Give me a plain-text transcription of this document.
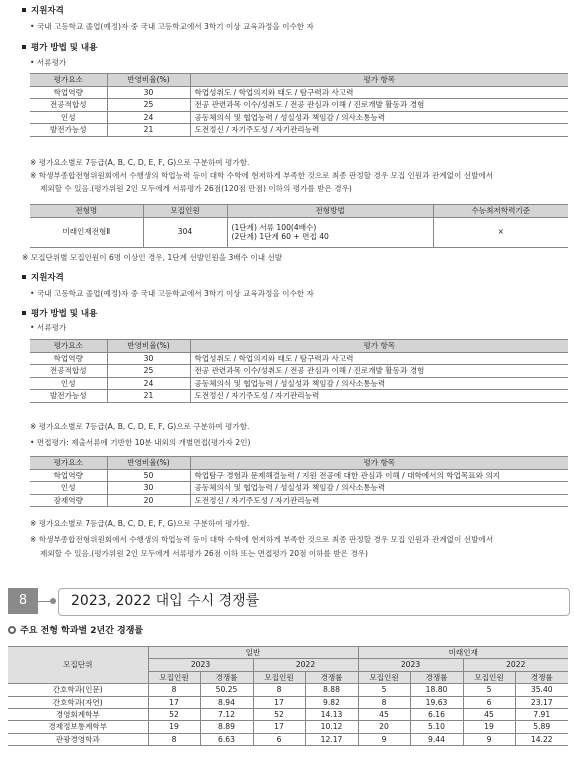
지원자격
• 국내 고등학교 졸업(예정)자 중 국내 고등학교에서 3학기 이상 교육과정을 이수한 자
평가 방법 및 내용
• 서류평가
평가요소	반영비율(%)	평가 항목
학업역량	30	학업성취도 / 학업의지와 태도 / 탐구력과 사고력
전공적합성	25	전공 관련과목 이수/성취도 / 전공 관심과 이해 / 진로개발 활동과 경험
인성	24	공동체의식 및 협업능력 / 성실성과 책임감 / 의사소통능력
발전가능성	21	도전정신 / 자기주도성 / 자기관리능력
※ 평가요소별로 7등급(A, B, C, D, E, F, G)으로 구분하여 평가함.
※ 학생부종합전형위원회에서 수행생의 학업능력 등이 대학 수학에 현저하게 부족한 것으로 최종 판정할 경우 모집 인원과 관계없이 선발에서
제외할 수 있음.(평가위원 2인 모두에게 서류평가 26점(120점 만점) 이하의 평가를 받은 경우)
전형명	모집인원	전형방법	수능최저학력기준
미래인재전형Ⅱ	304	(1단계) 서류 100(4배수)
(2단계) 1단계 60 + 면접 40	×
※ 모집단위별 모집인원이 6명 이상인 경우, 1단계 선발인원을 3배수 이내 선발
지원자격
• 국내 고등학교 졸업(예정)자 중 국내 고등학교에서 3학기 이상 교육과정을 이수한 자
평가 방법 및 내용
• 서류평가
평가요소	반영비율(%)	평가 항목
학업역량	30	학업성취도 / 학업의지와 태도 / 탐구력과 사고력
전공적합성	25	전공 관련과목 이수/성취도 / 전공 관심과 이해 / 진로개발 활동과 경험
인성	24	공동체의식 및 협업능력 / 성실성과 책임감 / 의사소통능력
발전가능성	21	도전정신 / 자기주도성 / 자기관리능력
※ 평가요소별로 7등급(A, B, C, D, E, F, G)으로 구분하여 평가함.
• 면접평가: 제출서류에 기반한 10분 내외의 개별면접(평가자 2인)
평가요소	반영비율(%)	평가 항목
학업역량	50	학업탐구 경험과 문제해결능력 / 지원 전공에 대한 관심과 이해 / 대학에서의 학업목표와 의지
인성	30	공동체의식 및 협업능력 / 성실성과 책임감 / 의사소통능력
잠재역량	20	도전정신 / 자기주도성 / 자기관리능력
※ 평가요소별로 7등급(A, B, C, D, E, F, G)으로 구분하여 평가함.
※ 학생부종합전형위원회에서 수행생의 학업능력 등이 대학 수학에 현저하게 부족한 것으로 최종 판정할 경우 모집 인원과 관계없이 선발에서
제외할 수 있음.(평가위원 2인 모두에게 서류평가 26점 이하 또는 면접평가 20점 이하를 받은 경우)
8	2023, 2022 대입 수시 경쟁률
주요 전형 학과별 2년간 경쟁률
모집단위	일반				미래인재			
	2023		2022		2023		2022	
	모집인원	경쟁률	모집인원	경쟁률	모집인원	경쟁률	모집인원	경쟁률
간호학과(인문)	8	50.25	8	8.88	5	18.80	5	35.40
간호학과(자연)	17	8.94	17	9.82	8	19.63	6	23.17
경영회계학부	52	7.12	52	14.13	45	6.16	45	7.91
경제정보통계학부	19	8.89	17	10.12	20	5.10	19	5.89
관광경영학과	8	6.63	6	12.17	9	9.44	9	14.22
